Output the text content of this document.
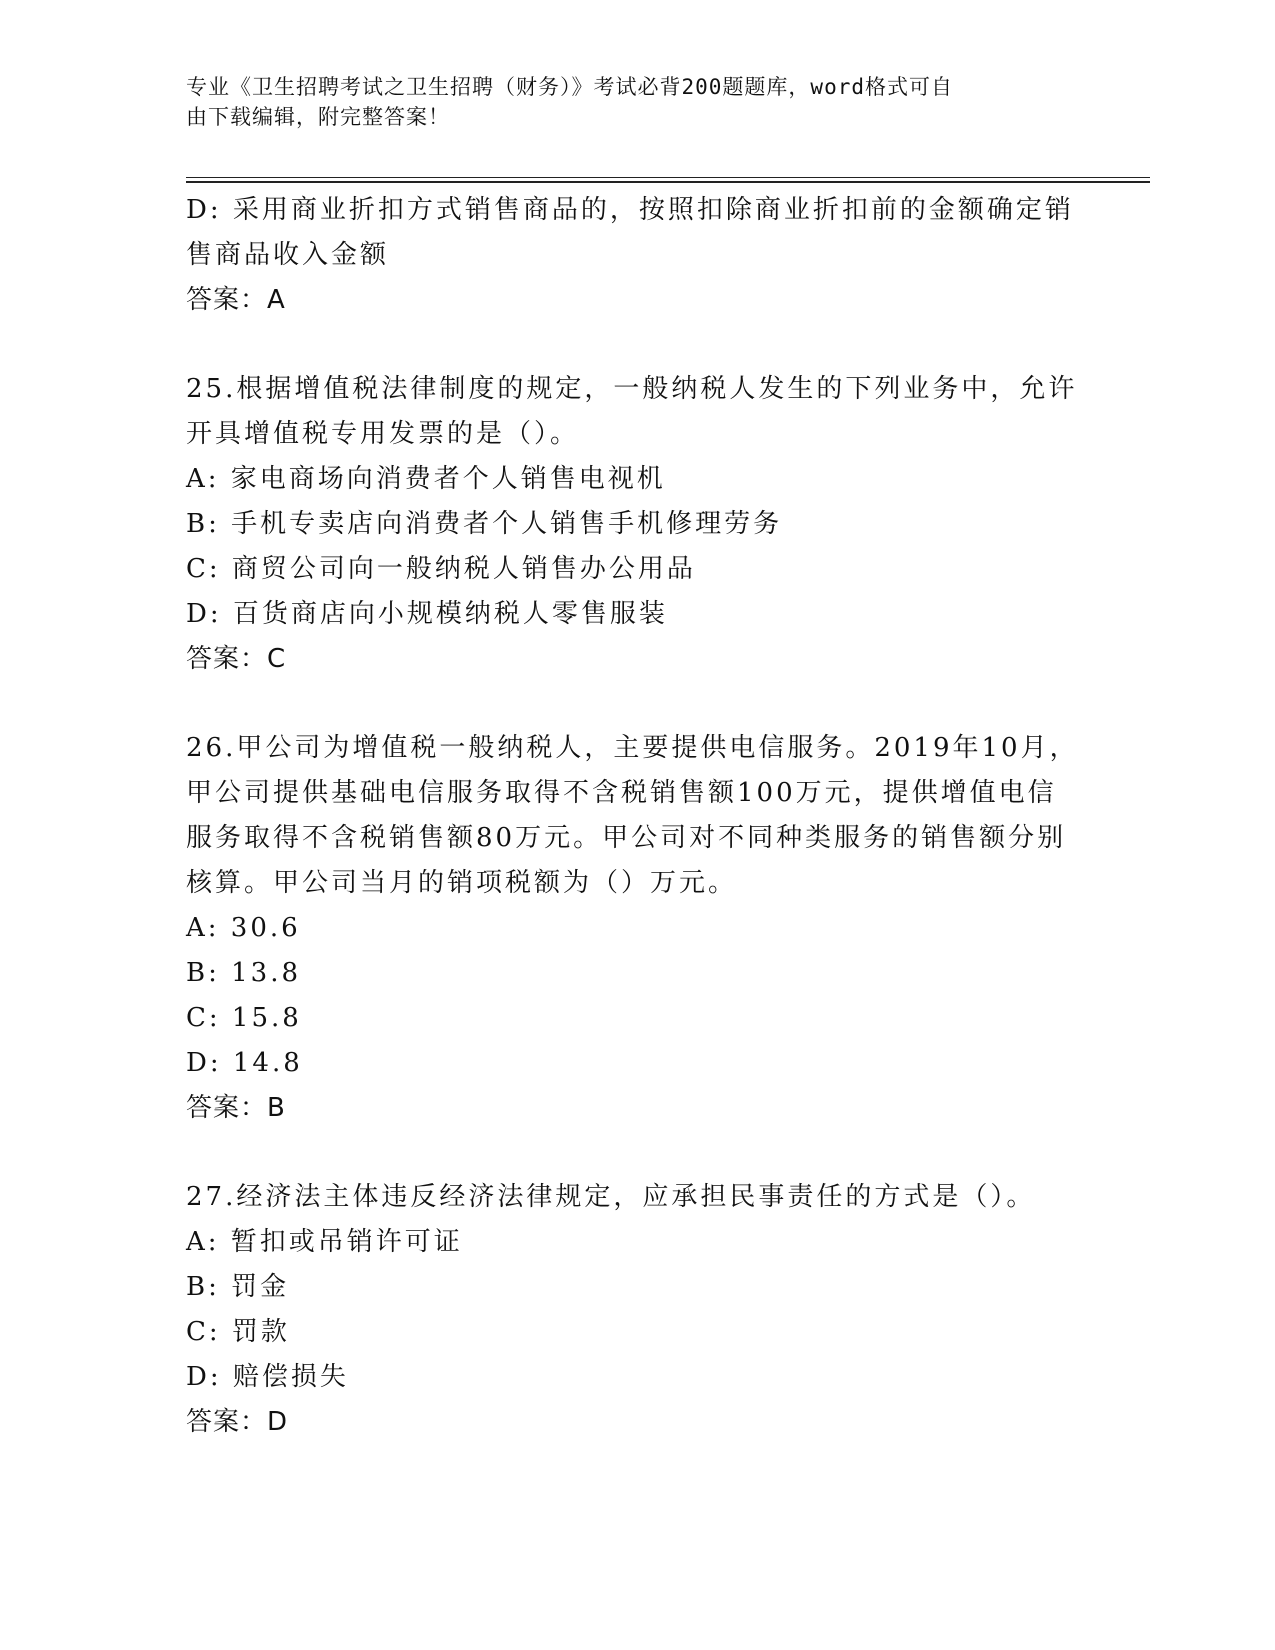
专业《卫生招聘考试之卫生招聘（财务）》考试必背200题题库，word格式可自
由下载编辑，附完整答案！
D: 采用商业折扣方式销售商品的，按照扣除商业折扣前的金额确定销
售商品收入金额
答案：A
25.根据增值税法律制度的规定，一般纳税人发生的下列业务中，允许
开具增值税专用发票的是（）。
A: 家电商场向消费者个人销售电视机
B: 手机专卖店向消费者个人销售手机修理劳务
C: 商贸公司向一般纳税人销售办公用品
D: 百货商店向小规模纳税人零售服装
答案：C
26.甲公司为增值税一般纳税人，主要提供电信服务。2019年10月，
甲公司提供基础电信服务取得不含税销售额100万元，提供增值电信
服务取得不含税销售额80万元。甲公司对不同种类服务的销售额分别
核算。甲公司当月的销项税额为（）万元。
A: 30.6
B: 13.8
C: 15.8
D: 14.8
答案：B
27.经济法主体违反经济法律规定，应承担民事责任的方式是（）。
A: 暂扣或吊销许可证
B: 罚金
C: 罚款
D: 赔偿损失
答案：D
